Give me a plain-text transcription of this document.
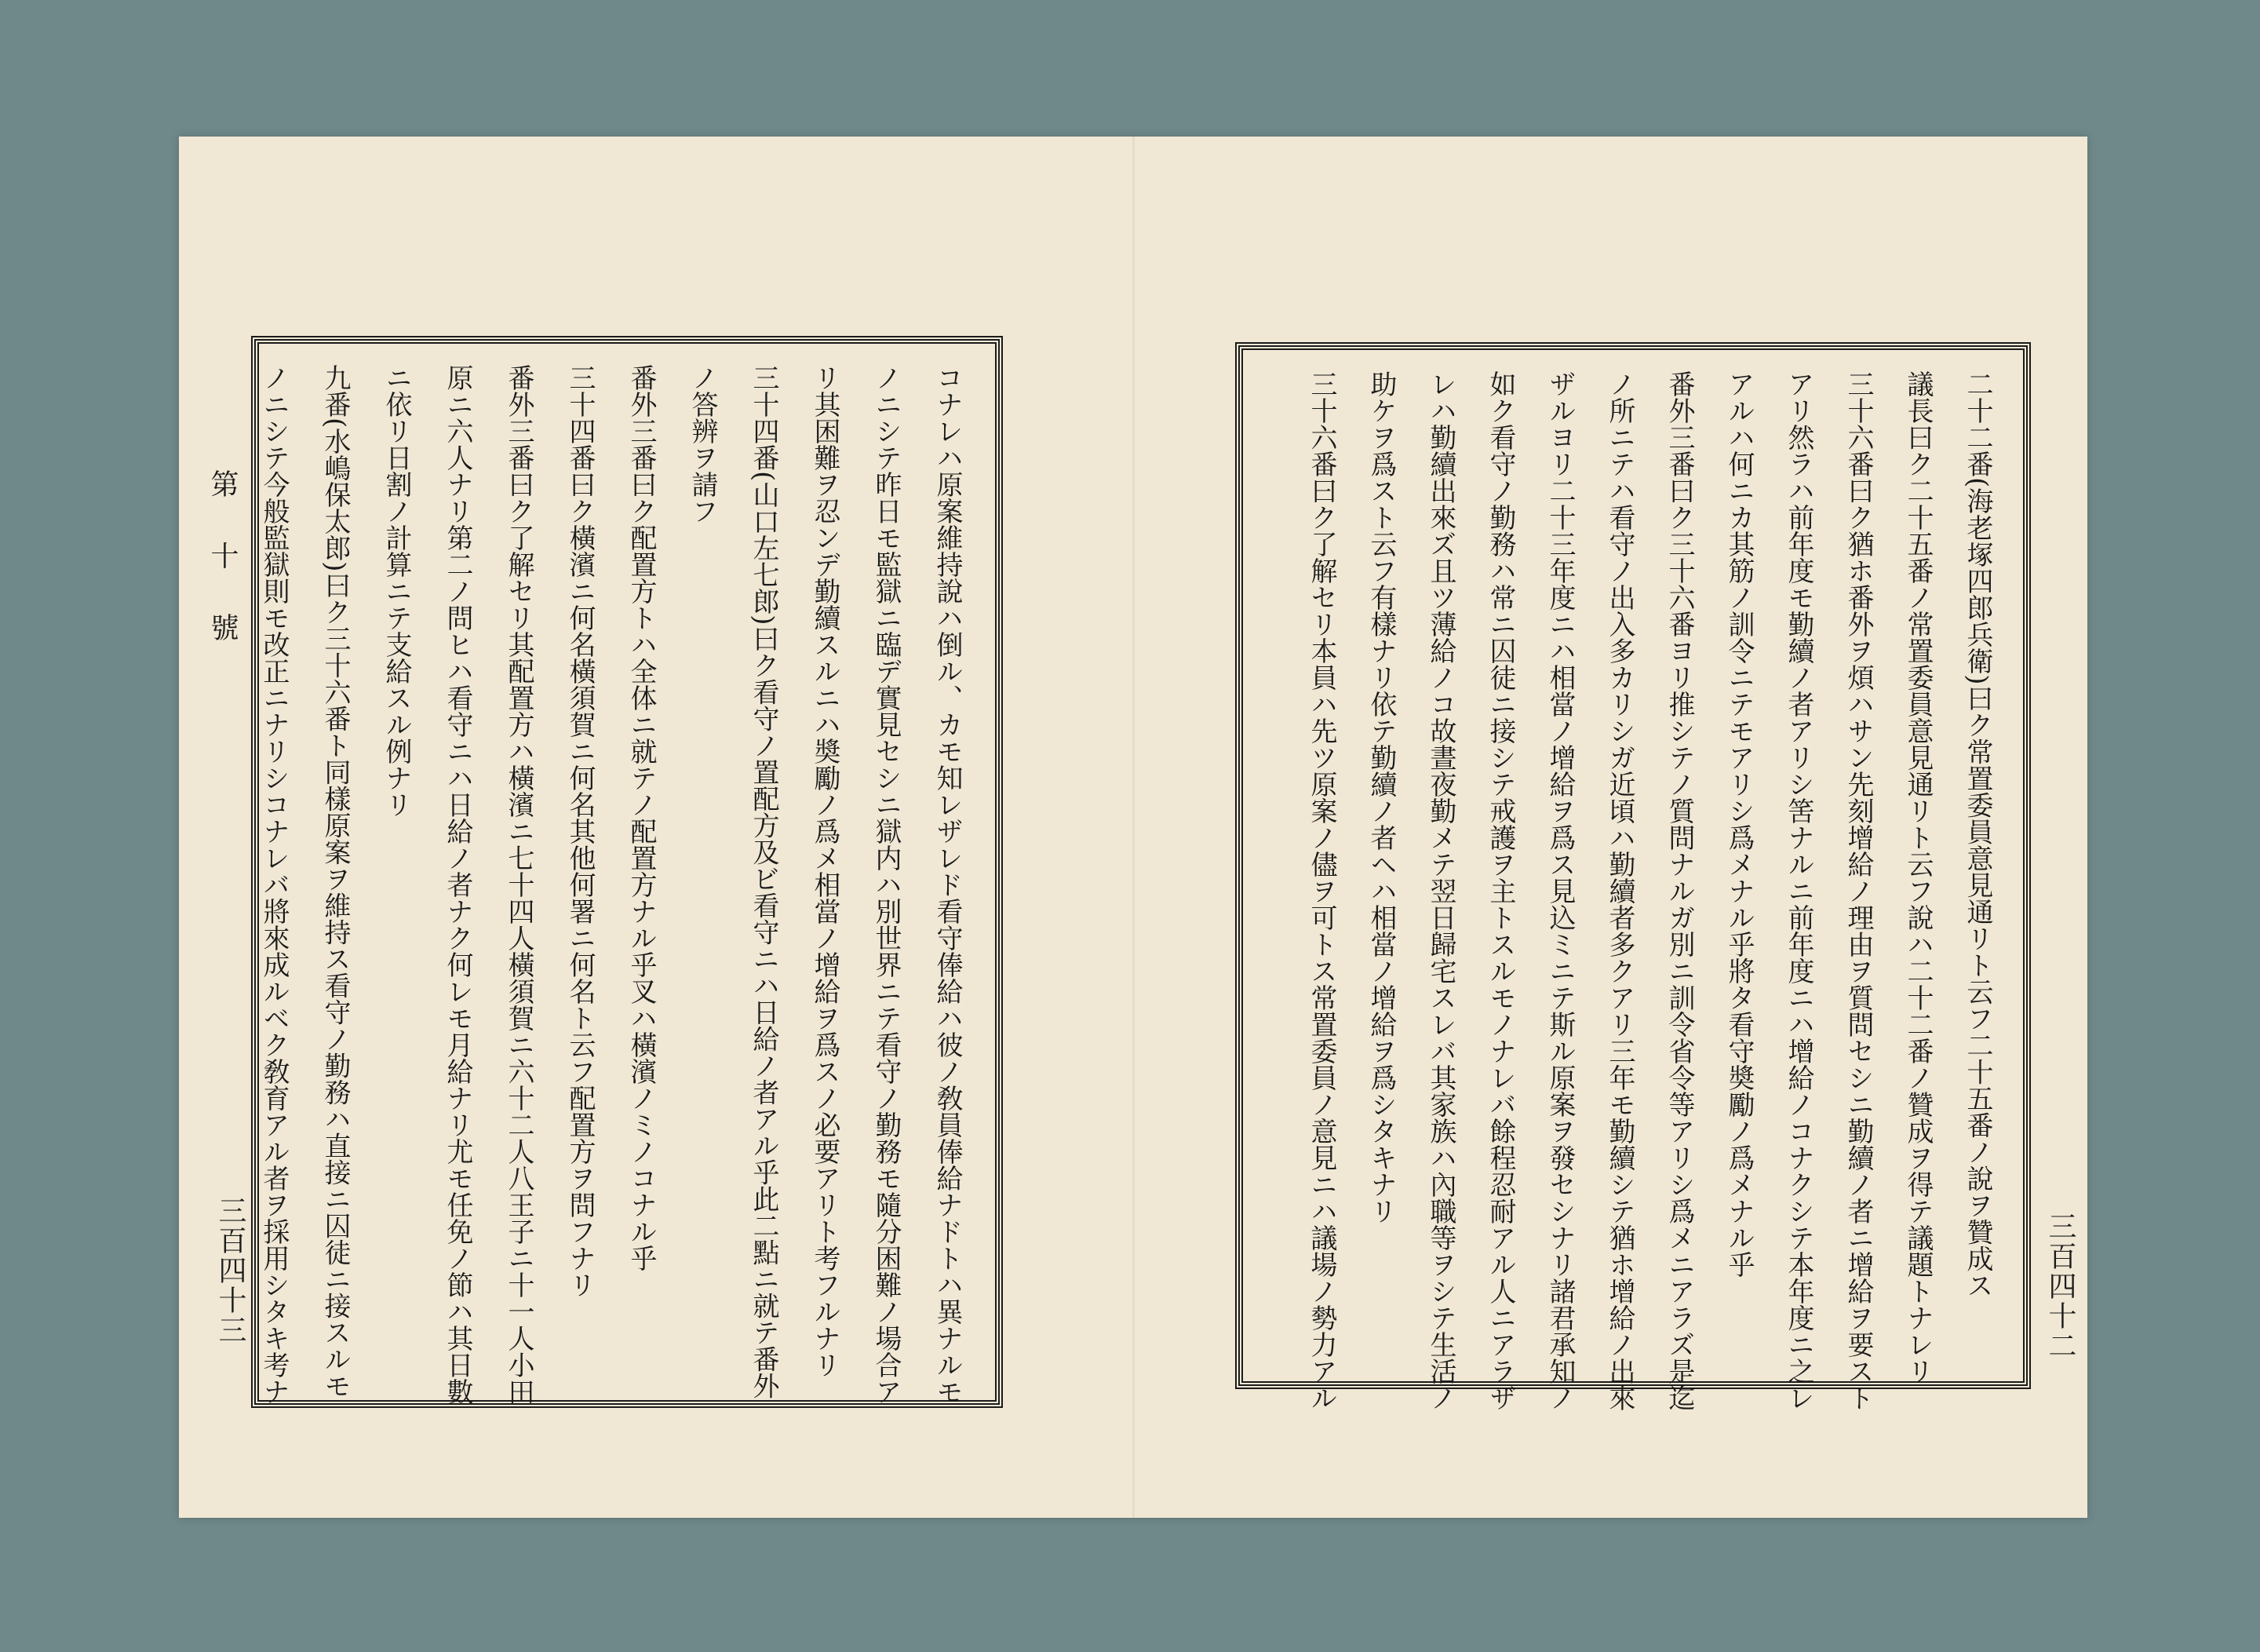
第 十 號	コナレハ原案維持說ハ倒ル、カモ知レザレド看守俸給ハ彼ノ敎員俸給ナドトハ異ナルモ
ノニシテ昨日モ監獄ニ臨デ實見セシニ獄内ハ別世界ニテ看守ノ勤務モ隨分困難ノ場合ア
リ其困難ヲ忍ンデ勤續スルニハ奬勵ノ爲メ相當ノ增給ヲ爲スノ必要アリト考フルナリ
三十四番(山口左七郎)曰ク看守ノ置配方及ビ看守ニハ日給ノ者アル乎此二點ニ就テ番外
ノ答辨ヲ請フ
番外三番曰ク配置方トハ全体ニ就テノ配置方ナル乎叉ハ橫濱ノミノコナル乎
三十四番曰ク橫濱ニ何名橫須賀ニ何名其他何署ニ何名ト云フ配置方ヲ問フナリ
番外三番曰ク了解セリ其配置方ハ橫濱ニ七十四人橫須賀ニ六十二人八王子ニ十一人小田
原ニ六人ナリ第二ノ問ヒハ看守ニハ日給ノ者ナク何レモ月給ナリ尤モ任免ノ節ハ其日數
ニ依リ日割ノ計算ニテ支給スル例ナリ
九番(水嶋保太郎)曰ク三十六番ト同樣原案ヲ維持ス看守ノ勤務ハ直接ニ囚徒ニ接スルモ
ノニシテ今般監獄則モ改正ニナリシコナレバ將來成ルベク敎育アル者ヲ採用シタキ考ナ
三百四十三	二十二番(海老塚四郎兵衛)曰ク常置委員意見通リト云フ二十五番ノ說ヲ贊成ス
議長曰ク二十五番ノ常置委員意見通リト云フ說ハ二十二番ノ贊成ヲ得テ議題トナレリ
三十六番曰ク猶ホ番外ヲ煩ハサン先刻增給ノ理由ヲ質問セシニ勤續ノ者ニ增給ヲ要スト
アリ然ラハ前年度モ勤續ノ者アリシ筈ナルニ前年度ニハ增給ノコナクシテ本年度ニ之レ
アルハ何ニカ其筋ノ訓令ニテモアリシ爲メナル乎將タ看守奬勵ノ爲メナル乎
番外三番曰ク三十六番ヨリ推シテノ質問ナルガ別ニ訓令省令等アリシ爲メニアラズ是迄
ノ所ニテハ看守ノ出入多カリシガ近頃ハ勤續者多クアリ三年モ勤續シテ猶ホ增給ノ出來
ザルヨリ二十三年度ニハ相當ノ增給ヲ爲ス見込ミニテ斯ル原案ヲ發セシナリ諸君承知ノ
如ク看守ノ勤務ハ常ニ囚徒ニ接シテ戒護ヲ主トスルモノナレバ餘程忍耐アル人ニアラザ
レハ勤續出來ズ且ツ薄給ノコ故晝夜勤メテ翌日歸宅スレバ其家族ハ內職等ヲシテ生活ノ
助ケヲ爲スト云フ有樣ナリ依テ勤續ノ者ヘハ相當ノ增給ヲ爲シタキナリ
三十六番曰ク了解セリ本員ハ先ツ原案ノ儘ヲ可トス常置委員ノ意見ニハ議場ノ勢力アル	三百四十二
